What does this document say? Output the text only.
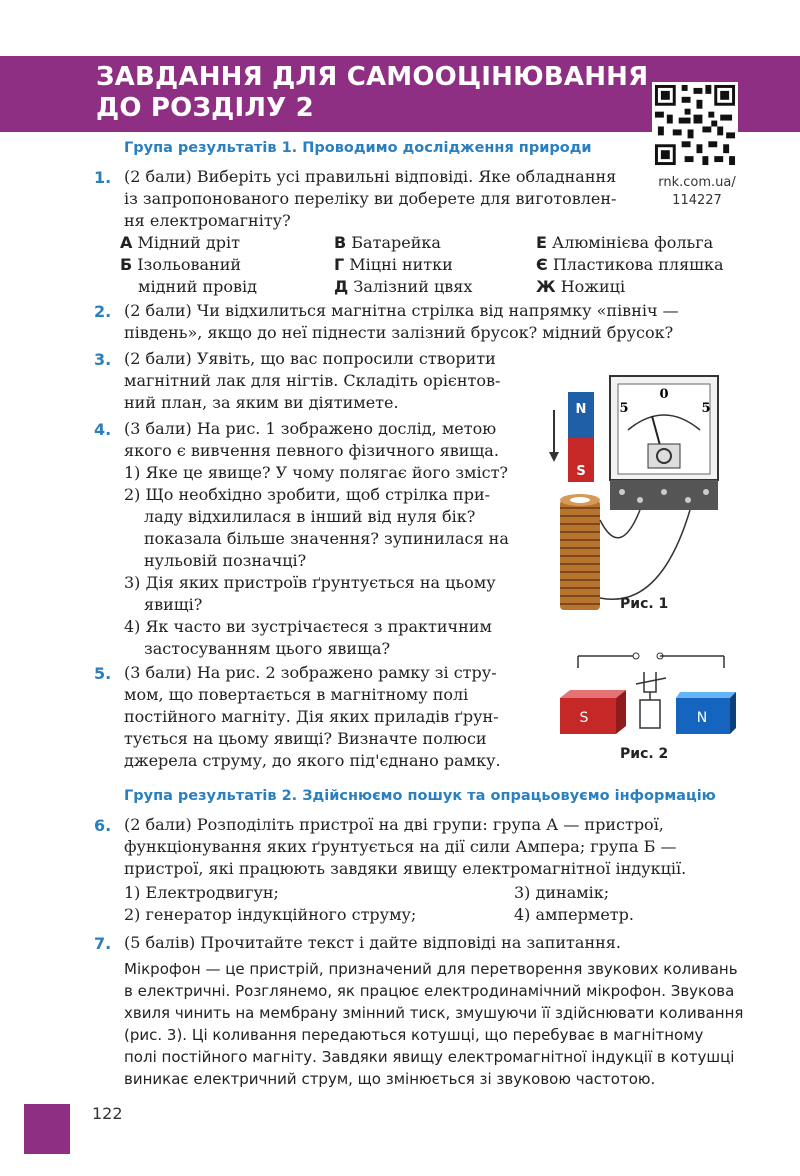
ЗАВДАННЯ ДЛЯ САМООЦІНЮВАННЯ
ДО РОЗДІЛУ 2
rnk.com.ua/
114227
Група результатів 1. Проводимо дослідження природи
1. (2 бали) Виберіть усі правильні відповіді. Яке обладнання
із запропонованого переліку ви доберете для виготовлен-
ня електромагніту?
А Мідний дріт
Б Ізольований
мідний провід
В Батарейка
Г Міцні нитки
Д Залізний цвях
Е Алюмінієва фольга
Є Пластикова пляшка
Ж Ножиці
2. (2 бали) Чи відхилиться магнітна стрілка від напрямку «північ —
південь», якщо до неї піднести залізний брусок? мідний брусок?
3. (2 бали) Уявіть, що вас попросили створити
магнітний лак для нігтів. Складіть орієнтов-
ний план, за яким ви діятимете.
4. (3 бали) На рис. 1 зображено дослід, метою
якого є вивчення певного фізичного явища.
1) Яке це явище? У чому полягає його зміст?
2) Що необхідно зробити, щоб стрілка при-
ладу відхилилася в інший від нуля бік?
показала більше значення? зупинилася на
нульовій позначці?
3) Дія яких пристроїв ґрунтується на цьому
явищі?
4) Як часто ви зустрічаєтеся з практичним
застосуванням цього явища?
N
S
5
0
5
Рис. 1
5. (3 бали) На рис. 2 зображено рамку зі стру-
мом, що повертається в магнітному полі
постійного магніту. Дія яких приладів ґрун-
тується на цьому явищі? Визначте полюси
джерела струму, до якого під'єднано рамку.
S	N
Рис. 2
Група результатів 2. Здійснюємо пошук та опрацьовуємо інформацію
6. (2 бали) Розподіліть пристрої на дві групи: група А — пристрої,
функціонування яких ґрунтується на дії сили Ампера; група Б —
пристрої, які працюють завдяки явищу електромагнітної індукції.
1) Електродвигун;
2) генератор індукційного струму;
3) динамік;
4) амперметр.
7. (5 балів) Прочитайте текст і дайте відповіді на запитання.
Мікрофон — це пристрій, призначений для перетворення звукових коливань
в електричні. Розглянемо, як працює електродинамічний мікрофон. Звукова
хвиля чинить на мембрану змінний тиск, змушуючи її здійснювати коливання
(рис. 3). Ці коливання передаються котушці, що перебуває в магнітному
полі постійного магніту. Завдяки явищу електромагнітної індукції в котушці
виникає електричний струм, що змінюється зі звуковою частотою.
122
